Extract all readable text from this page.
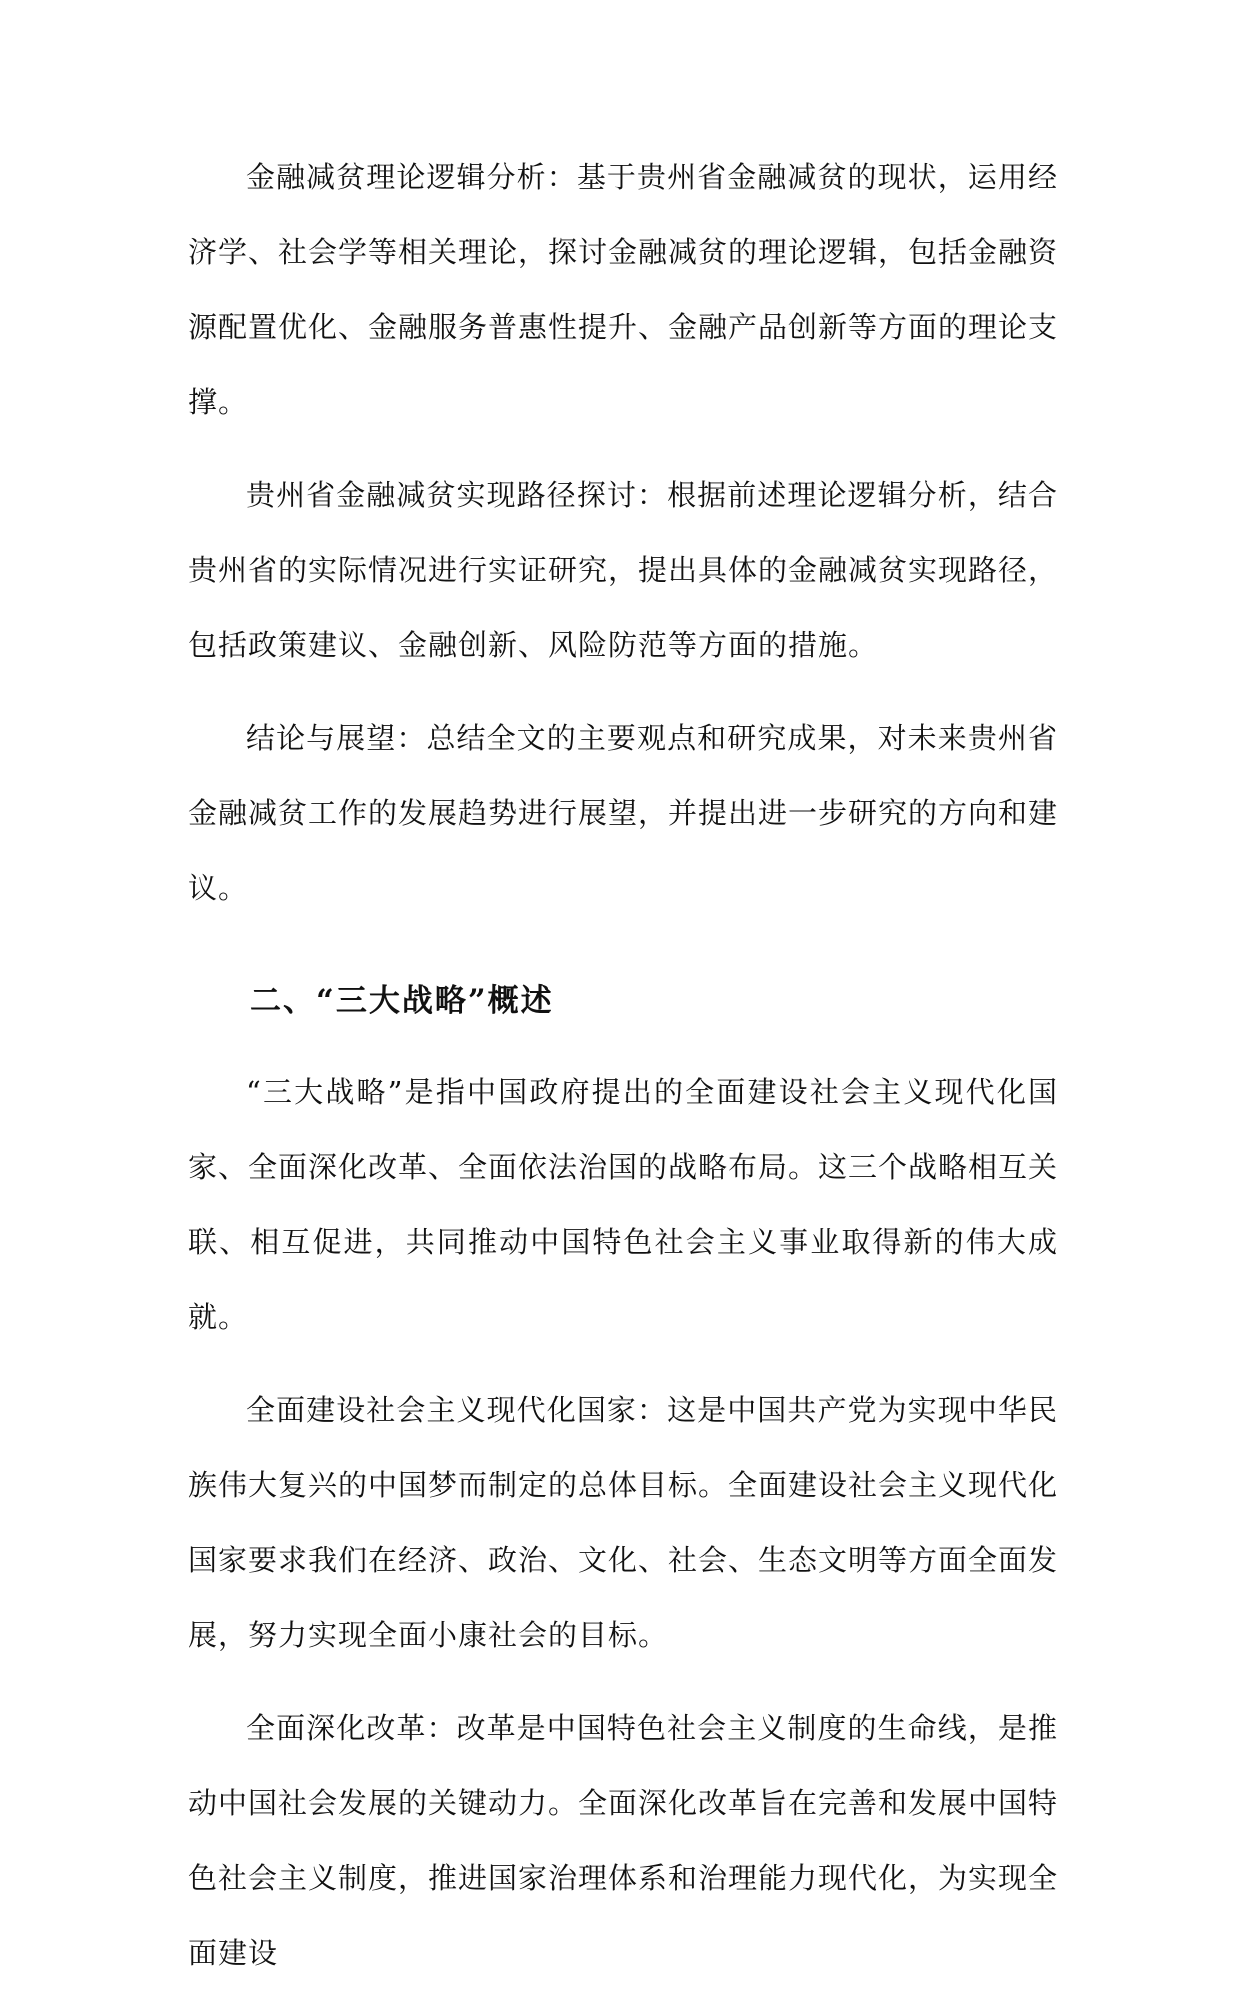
金融减贫理论逻辑分析：基于贵州省金融减贫的现状，运用经济学、社会学等相关理论，探讨金融减贫的理论逻辑，包括金融资源配置优化、金融服务普惠性提升、金融产品创新等方面的理论支撑。

贵州省金融减贫实现路径探讨：根据前述理论逻辑分析，结合贵州省的实际情况进行实证研究，提出具体的金融减贫实现路径，包括政策建议、金融创新、风险防范等方面的措施。

结论与展望：总结全文的主要观点和研究成果，对未来贵州省金融减贫工作的发展趋势进行展望，并提出进一步研究的方向和建议。

二、“三大战略”概述

“三大战略”是指中国政府提出的全面建设社会主义现代化国家、全面深化改革、全面依法治国的战略布局。这三个战略相互关联、相互促进，共同推动中国特色社会主义事业取得新的伟大成就。

全面建设社会主义现代化国家：这是中国共产党为实现中华民族伟大复兴的中国梦而制定的总体目标。全面建设社会主义现代化国家要求我们在经济、政治、文化、社会、生态文明等方面全面发展，努力实现全面小康社会的目标。

全面深化改革：改革是中国特色社会主义制度的生命线，是推动中国社会发展的关键动力。全面深化改革旨在完善和发展中国特色社会主义制度，推进国家治理体系和治理能力现代化，为实现全面建设
